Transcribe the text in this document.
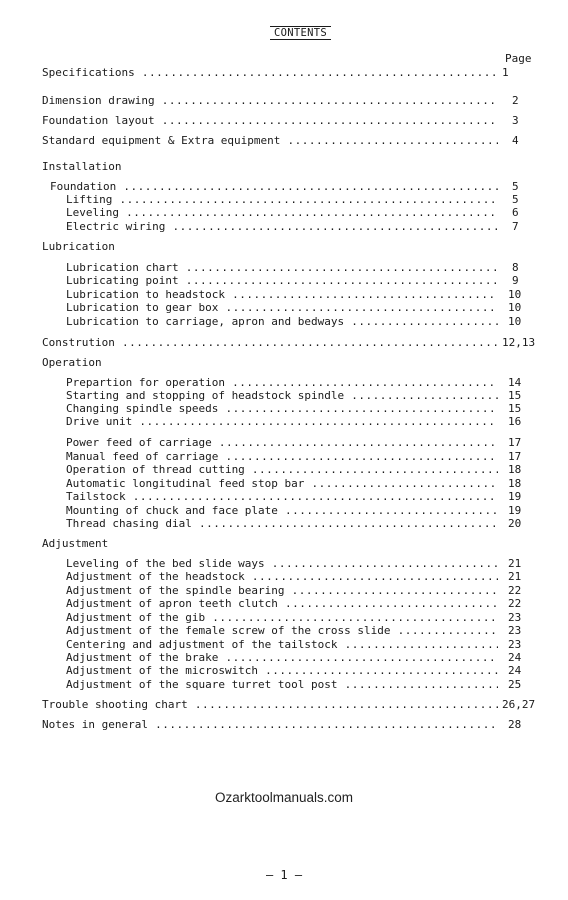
CONTENTS
Page
Specifications .....	1
Dimension drawing .....	2
Foundation layout .....	3
Standard equipment & Extra equipment .....	4
Installation
Foundation .....	5
Lifting .....	5
Leveling .....	6
Electric wiring .....	7
Lubrication
Lubrication chart .....	8
Lubricating point .....	9
Lubrication to headstock .....	10
Lubrication to gear box .....	10
Lubrication to carriage, apron and bedways .....	10
Constrution .....	12,13
Operation
Prepartion for operation .....	14
Starting and stopping of headstock spindle .....	15
Changing spindle speeds .....	15
Drive unit .....	16
Power feed of carriage .....	17
Manual feed of carriage .....	17
Operation of thread cutting .....	18
Automatic longitudinal feed stop bar .....	18
Tailstock .....	19
Mounting of chuck and face plate .....	19
Thread chasing dial .....	20
Adjustment
Leveling of the bed slide ways .....	21
Adjustment of the headstock .....	21
Adjustment of the spindle bearing .....	22
Adjustment of apron teeth clutch .....	22
Adjustment of the gib .....	23
Adjustment of the female screw of the cross slide .....	23
Centering and adjustment of the tailstock .....	23
Adjustment of the brake .....	24
Adjustment of the microswitch .....	24
Adjustment of the square turret tool post .....	25
Trouble shooting chart .....	26,27
Notes in general .....	28
Ozarktoolmanuals.com
— 1 —
